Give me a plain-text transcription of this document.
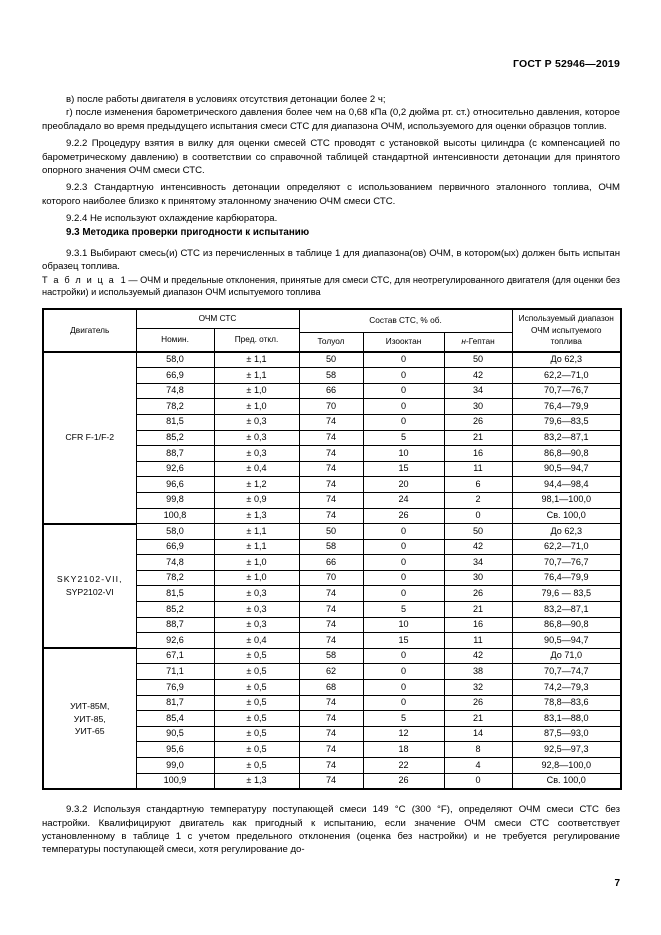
ГОСТ Р 52946—2019

в) после работы двигателя в условиях отсутствия детонации более 2 ч;

г) после изменения барометрического давления более чем на 0,68 кПа (0,2 дюйма рт. ст.) относительно давления, которое преобладало во время предыдущего испытания смеси СТС для диапазона ОЧМ, используемого для оценки образцов топлив.

9.2.2 Процедуру взятия в вилку для оценки смесей СТС проводят с установкой высоты цилиндра (с компенсацией по барометрическому давлению) в соответствии со справочной таблицей стандартной интенсивности детонации для принятого опорного значения ОЧМ смеси СТС.

9.2.3 Стандартную интенсивность детонации определяют с использованием первичного эталонного топлива, ОЧМ которого наиболее близко к принятому эталонному значению ОЧМ смеси СТС.

9.2.4 Не используют охлаждение карбюратора.

9.3 Методика проверки пригодности к испытанию

9.3.1 Выбирают смесь(и) СТС из перечисленных в таблице 1 для диапазона(ов) ОЧМ, в котором(ых) должен быть испытан образец топлива.

Т а б л и ц а 1 — ОЧМ и предельные отклонения, принятые для смеси СТС, для неотрегулированного двигателя (для оценки без настройки) и используемый диапазон ОЧМ испытуемого топлива

Двигатель	ОЧМ СТС		Состав СТС, % об.			Используемый диапазон ОЧМ испытуемого топлива
	Номин.	Пред. откл.				
			Толуол	Изооктан	н-Гептан	

CFR F-1/F-2	58,0	± 1,1	50	0	50	До 62,3
	66,9	± 1,1	58	0	42	62,2—71,0
	74,8	± 1,0	66	0	34	70,7—76,7
	78,2	± 1,0	70	0	30	76,4—79,9
	81,5	± 0,3	74	0	26	79,6—83,5
	85,2	± 0,3	74	5	21	83,2—87,1
	88,7	± 0,3	74	10	16	86,8—90,8
	92,6	± 0,4	74	15	11	90,5—94,7
	96,6	± 1,2	74	20	6	94,4—98,4
	99,8	± 0,9	74	24	2	98,1—100,0
	100,8	± 1,3	74	26	0	Св. 100,0

SKY2102-VII,
SYP2102-VI	58,0	± 1,1	50	0	50	До 62,3
	66,9	± 1,1	58	0	42	62,2—71,0
	74,8	± 1,0	66	0	34	70,7—76,7
	78,2	± 1,0	70	0	30	76,4—79,9
	81,5	± 0,3	74	0	26	79,6 — 83,5
	85,2	± 0,3	74	5	21	83,2—87,1
	88,7	± 0,3	74	10	16	86,8—90,8
	92,6	± 0,4	74	15	11	90,5—94,7

УИТ-85М,
УИТ-85,
УИТ-65	67,1	± 0,5	58	0	42	До 71,0
	71,1	± 0,5	62	0	38	70,7—74,7
	76,9	± 0,5	68	0	32	74,2—79,3
	81,7	± 0,5	74	0	26	78,8—83,6
	85,4	± 0,5	74	5	21	83,1—88,0
	90,5	± 0,5	74	12	14	87,5—93,0
	95,6	± 0,5	74	18	8	92,5—97,3
	99,0	± 0,5	74	22	4	92,8—100,0
	100,9	± 1,3	74	26	0	Св. 100,0

9.3.2 Используя стандартную температуру поступающей смеси 149 °C (300 °F), определяют ОЧМ смеси СТС без настройки. Квалифицируют двигатель как пригодный к испытанию, если значение ОЧМ смеси СТС соответствует установленному в таблице 1 с учетом предельного отклонения (оценка без настройки) и не требуется регулирование температуры поступающей смеси, хотя регулирование до-

7
